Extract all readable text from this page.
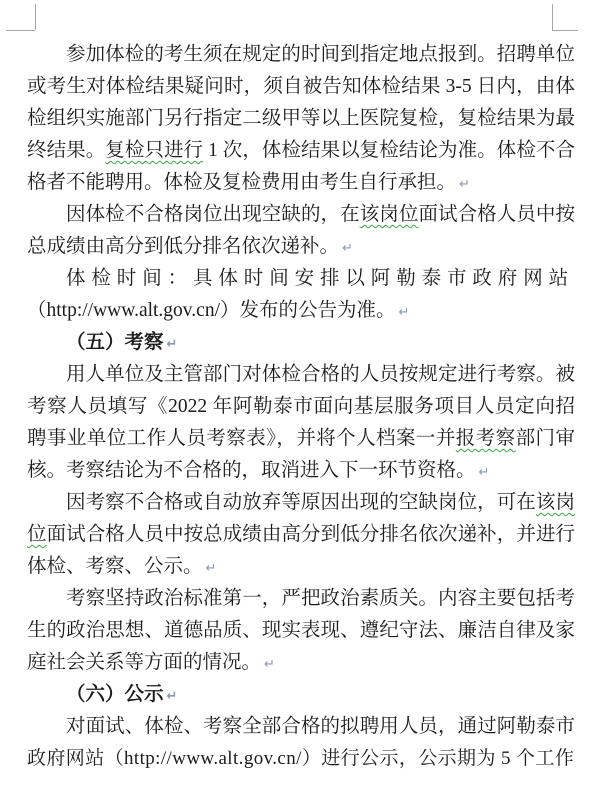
参加体检的考生须在规定的时间到指定地点报到。招聘单位
或考生对体检结果疑问时，须自被告知体检结果 3-5 日内，由体
检组织实施部门另行指定二级甲等以上医院复检，复检结果为最
终结果。复检只进行 1 次，体检结果以复检结论为准。体检不合
格者不能聘用。体检及复检费用由考生自行承担。 ↵
因体检不合格岗位出现空缺的，在该岗位面试合格人员中按
总成绩由高分到低分排名依次递补。 ↵
体检时间：具体时间安排以阿勒泰市政府网站
（http://www.alt.gov.cn/）发布的公告为准。 ↵
（五）考察 ↵
用人单位及主管部门对体检合格的人员按规定进行考察。被
考察人员填写《2022 年阿勒泰市面向基层服务项目人员定向招
聘事业单位工作人员考察表》，并将个人档案一并报考察部门审
核。考察结论为不合格的，取消进入下一环节资格。 ↵
因考察不合格或自动放弃等原因出现的空缺岗位，可在该岗
位面试合格人员中按总成绩由高分到低分排名依次递补，并进行
体检、考察、公示。 ↵
考察坚持政治标准第一，严把政治素质关。内容主要包括考
生的政治思想、道德品质、现实表现、遵纪守法、廉洁自律及家
庭社会关系等方面的情况。 ↵
（六）公示 ↵
对面试、体检、考察全部合格的拟聘用人员，通过阿勒泰市
政府网站（http://www.alt.gov.cn/）进行公示，公示期为 5 个工作
